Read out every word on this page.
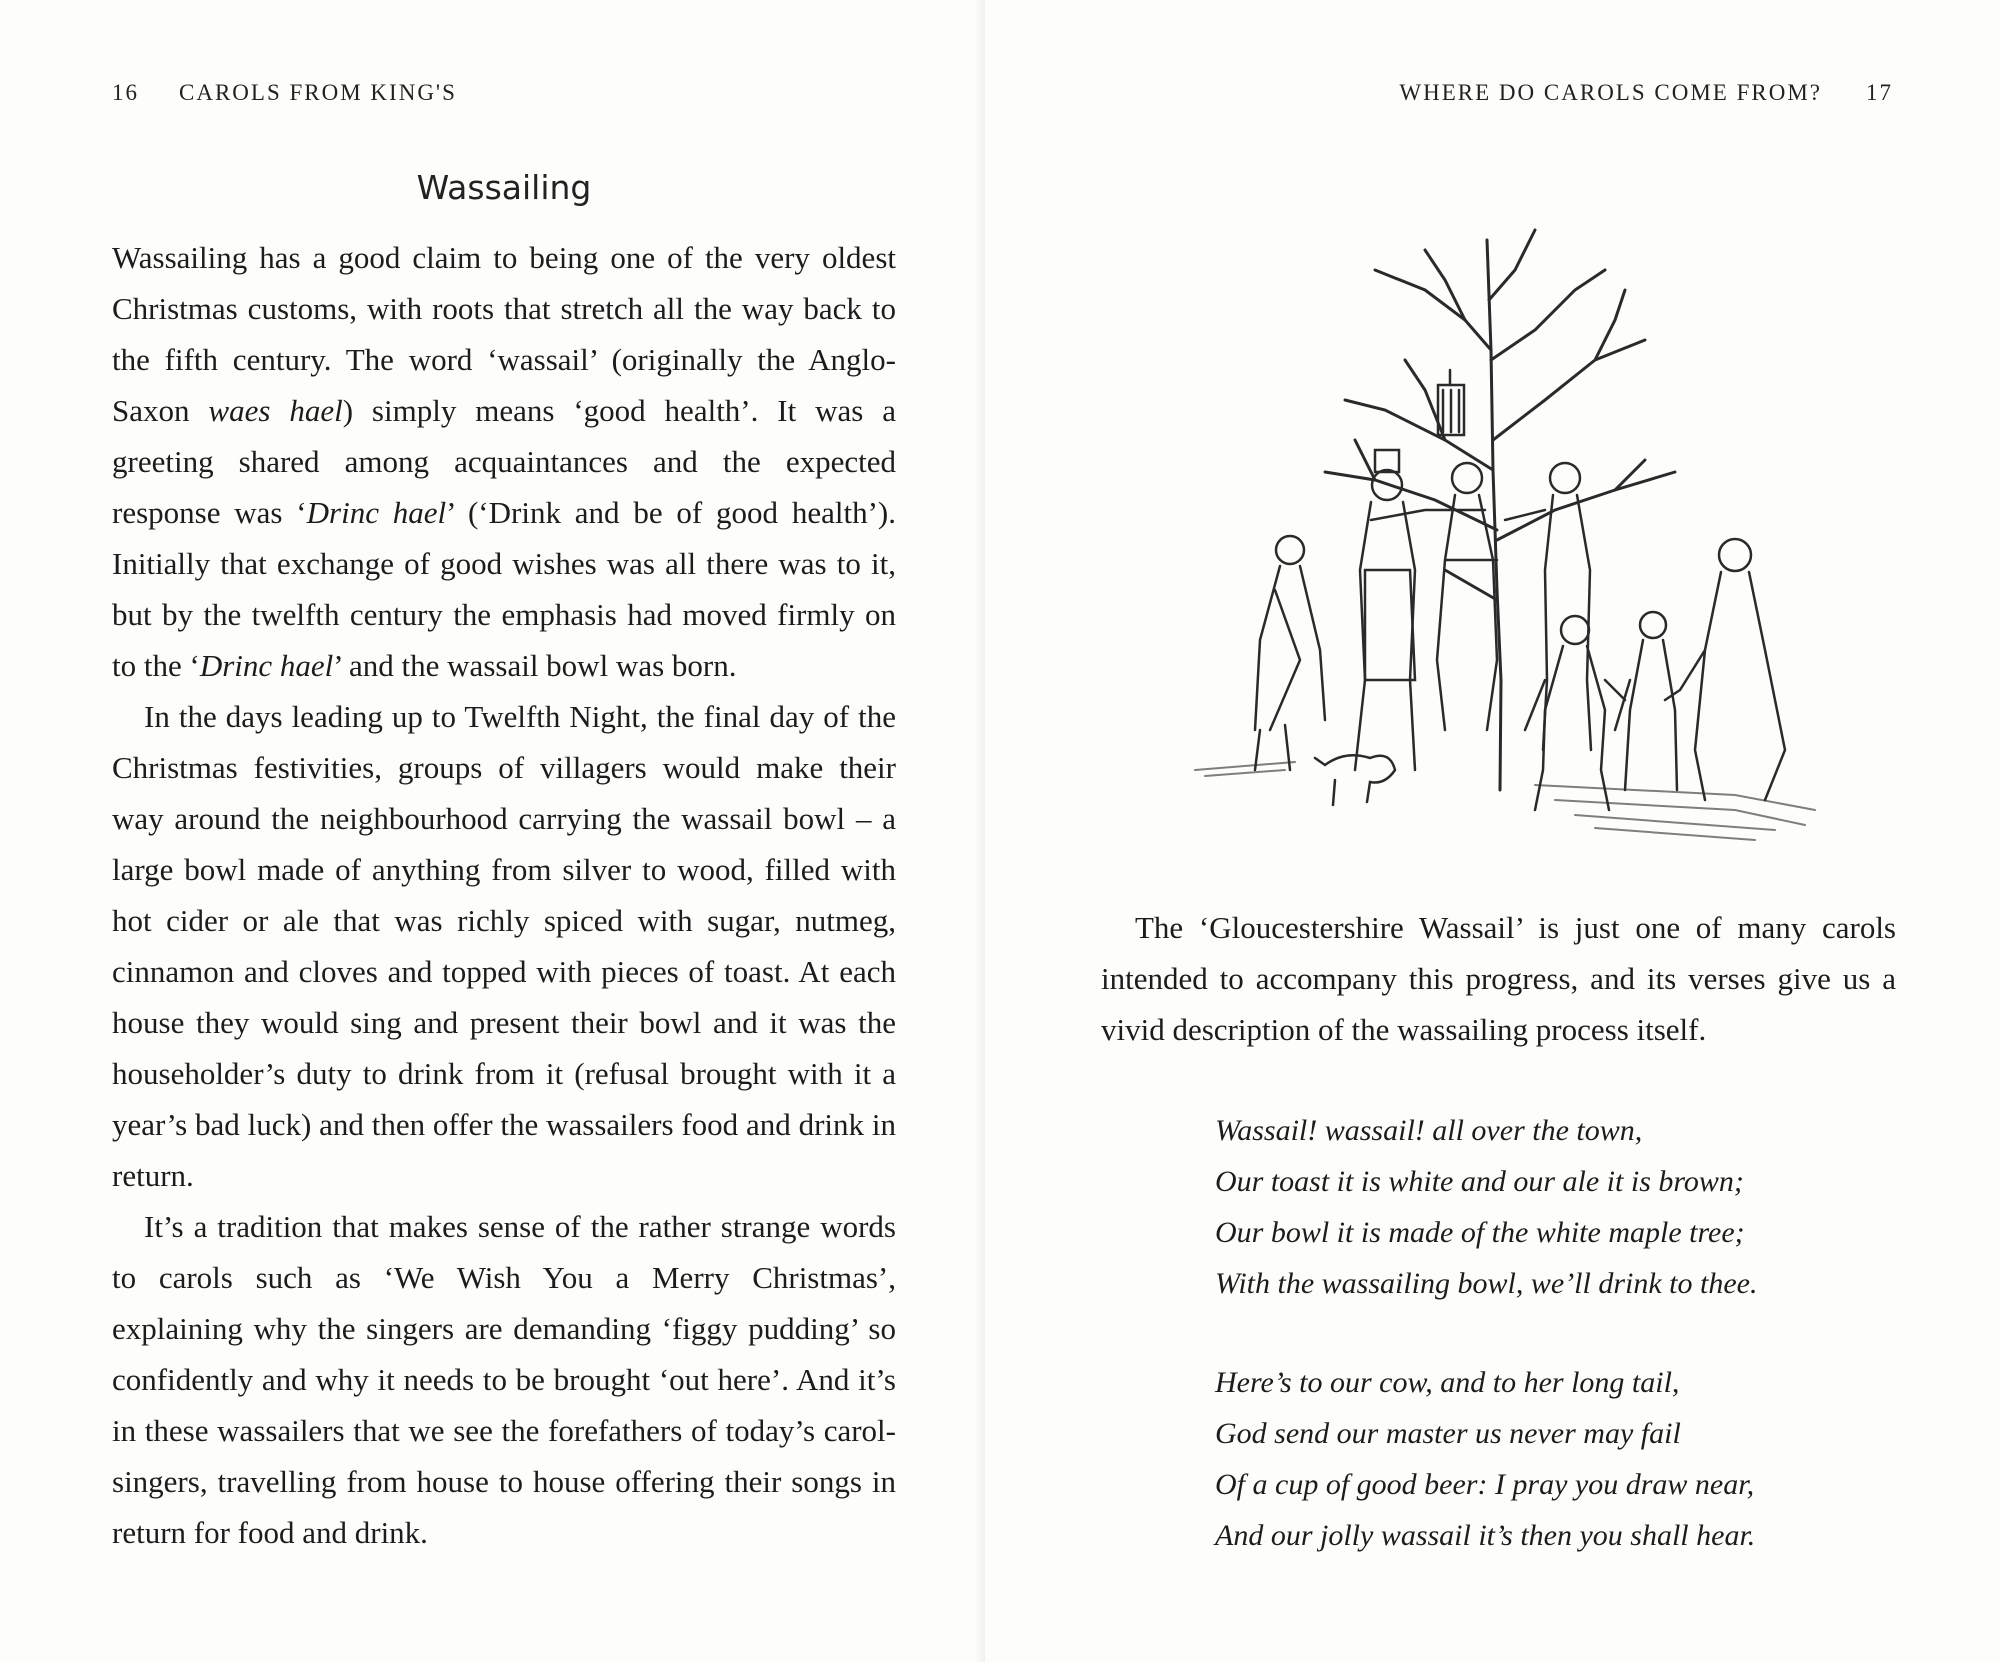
16 CAROLS FROM KING'S
Wassailing

Wassailing has a good claim to being one of the very oldest Christmas customs, with roots that stretch all the way back to the fifth century. The word ‘wassail’ (originally the Anglo-Saxon waes hael) simply means ‘good health’. It was a greeting shared among acquaintances and the expected response was ‘Drinc hael’ (‘Drink and be of good health’). Initially that exchange of good wishes was all there was to it, but by the twelfth century the emphasis had moved firmly on to the ‘Drinc hael’ and the wassail bowl was born.

In the days leading up to Twelfth Night, the final day of the Christmas festivities, groups of villagers would make their way around the neighbourhood carrying the wassail bowl – a large bowl made of anything from silver to wood, filled with hot cider or ale that was richly spiced with sugar, nutmeg, cinnamon and cloves and topped with pieces of toast. At each house they would sing and present their bowl and it was the householder’s duty to drink from it (refusal brought with it a year’s bad luck) and then offer the wassailers food and drink in return.

It’s a tradition that makes sense of the rather strange words to carols such as ‘We Wish You a Merry Christmas’, explaining why the singers are demanding ‘figgy pudding’ so confidently and why it needs to be brought ‘out here’. And it’s in these wassailers that we see the forefathers of today’s carol-singers, travelling from house to house offering their songs in return for food and drink.

WHERE DO CAROLS COME FROM? 17

The ‘Gloucestershire Wassail’ is just one of many carols intended to accompany this progress, and its verses give us a vivid description of the wassailing process itself.

Wassail! wassail! all over the town,
Our toast it is white and our ale it is brown;
Our bowl it is made of the white maple tree;
With the wassailing bowl, we’ll drink to thee.
Here’s to our cow, and to her long tail,
God send our master us never may fail
Of a cup of good beer: I pray you draw near,
And our jolly wassail it’s then you shall hear.
